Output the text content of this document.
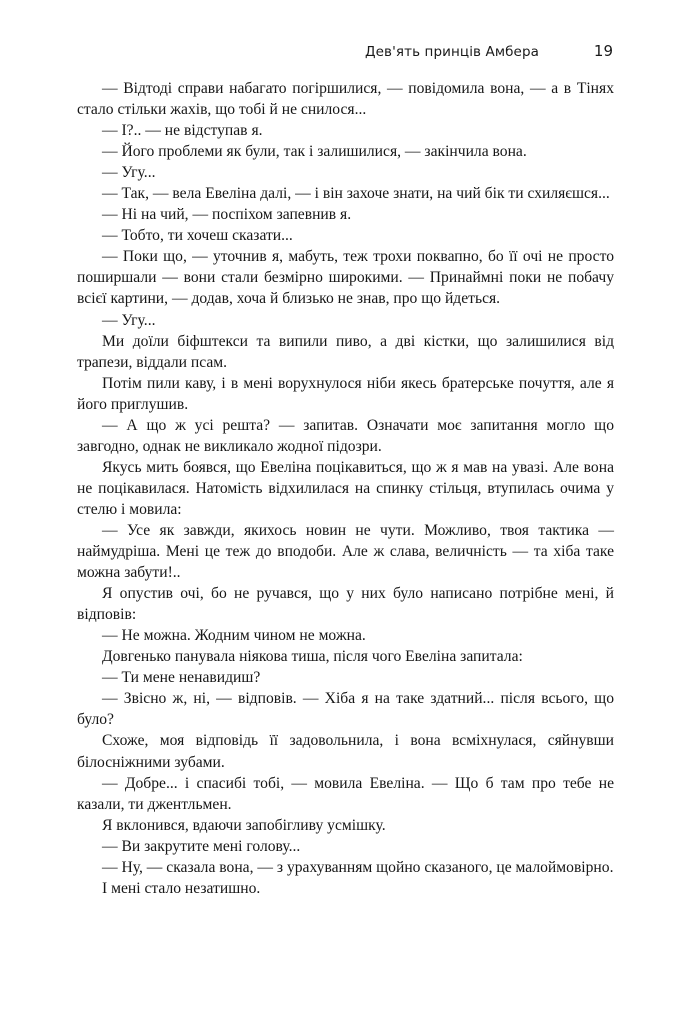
Дев'ять принців Амбера	19

— Відтоді справи набагато погіршилися, — повідомила вона, — а в Тінях стало стільки жахів, що тобі й не снилося...

— І?.. — не відступав я.

— Його проблеми як були, так і залишилися, — закінчила вона.

— Угу...

— Так, — вела Евеліна далі, — і він захоче знати, на чий бік ти схиляєшся...

— Ні на чий, — поспіхом запевнив я.

— Тобто, ти хочеш сказати...

— Поки що, — уточнив я, мабуть, теж трохи поквапно, бо її очі не просто поширшали — вони стали безмірно широкими. — Принаймні поки не побачу всієї картини, — додав, хоча й близько не знав, про що йдеться.

— Угу...

Ми доїли біфштекси та випили пиво, а дві кістки, що залишилися від трапези, віддали псам.

Потім пили каву, і в мені ворухнулося ніби якесь братерське почуття, але я його приглушив.

— А що ж усі решта? — запитав. Означати моє запитання могло що завгодно, однак не викликало жодної підозри.

Якусь мить боявся, що Евеліна поцікавиться, що ж я мав на увазі. Але вона не поцікавилася. Натомість відхилилася на спинку стільця, втупилась очима у стелю і мовила:

— Усе як завжди, якихось новин не чути. Можливо, твоя тактика — наймудріша. Мені це теж до вподоби. Але ж слава, величність — та хіба таке можна забути!..

Я опустив очі, бо не ручався, що у них було написано потрібне мені, й відповів:

— Не можна. Жодним чином не можна.

Довгенько панувала ніякова тиша, після чого Евеліна запитала:

— Ти мене ненавидиш?

— Звісно ж, ні, — відповів. — Хіба я на таке здатний... після всього, що було?

Схоже, моя відповідь її задовольнила, і вона всміхнулася, сяйнувши білосніжними зубами.

— Добре... і спасибі тобі, — мовила Евеліна. — Що б там про тебе не казали, ти джентльмен.

Я вклонився, вдаючи запобігливу усмішку.

— Ви закрутите мені голову...

— Ну, — сказала вона, — з урахуванням щойно сказаного, це малоймовірно.

І мені стало незатишно.
